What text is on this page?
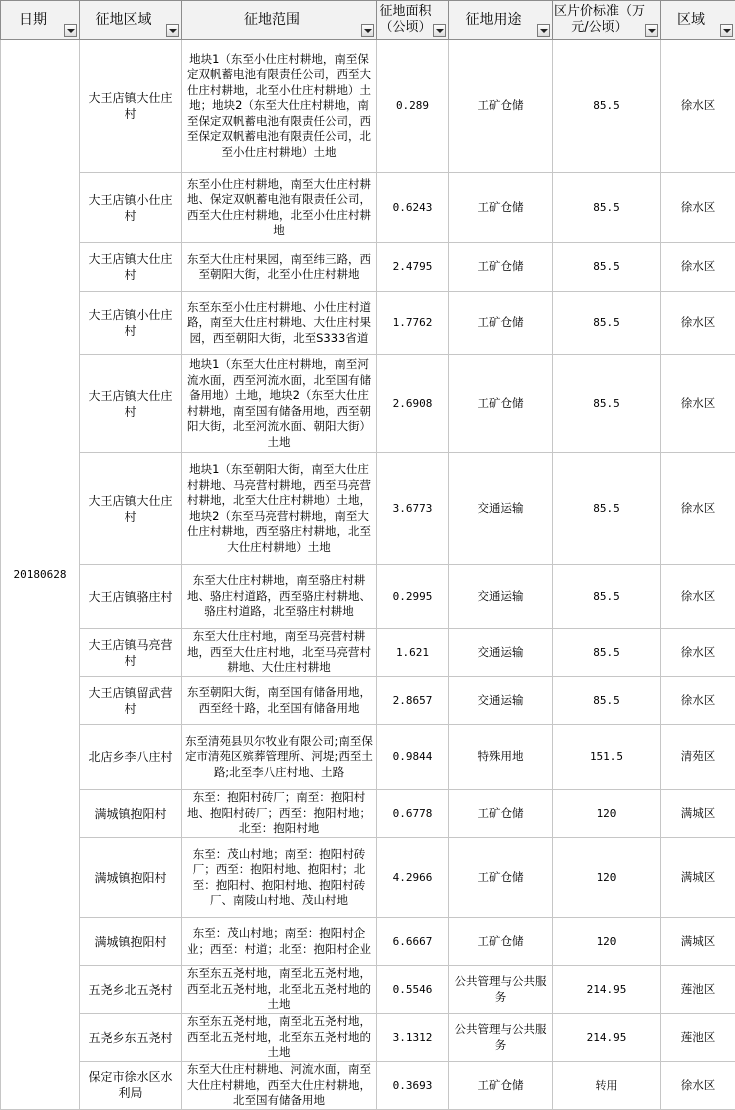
日期	征地区域	征地范围	征地面积（公顷）	征地用途	区片价标准（万元/公顷）	区域

20180628	大王店镇大仕庄村	地块1（东至小仕庄村耕地，南至保定双帆蓄电池有限责任公司，西至大仕庄村耕地，北至小仕庄村耕地）土地；地块2（东至大仕庄村耕地，南至保定双帆蓄电池有限责任公司，西至保定双帆蓄电池有限责任公司，北至小仕庄村耕地）土地	0.289	工矿仓储	85.5	徐水区
	大王店镇小仕庄村	东至小仕庄村耕地，南至大仕庄村耕地、保定双帆蓄电池有限责任公司，西至大仕庄村耕地，北至小仕庄村耕地	0.6243	工矿仓储	85.5	徐水区
	大王店镇大仕庄村	东至大仕庄村果园，南至纬三路，西至朝阳大街，北至小仕庄村耕地	2.4795	工矿仓储	85.5	徐水区
	大王店镇小仕庄村	东至东至小仕庄村耕地、小仕庄村道路，南至大仕庄村耕地、大仕庄村果园，西至朝阳大街，北至S333省道	1.7762	工矿仓储	85.5	徐水区
	大王店镇大仕庄村	地块1（东至大仕庄村耕地，南至河流水面，西至河流水面，北至国有储备用地）土地，地块2（东至大仕庄村耕地，南至国有储备用地，西至朝阳大街，北至河流水面、朝阳大街）土地	2.6908	工矿仓储	85.5	徐水区
	大王店镇大仕庄村	地块1（东至朝阳大街，南至大仕庄村耕地、马亮营村耕地，西至马亮营村耕地，北至大仕庄村耕地）土地，地块2（东至马亮营村耕地，南至大仕庄村耕地，西至骆庄村耕地，北至大仕庄村耕地）土地	3.6773	交通运输	85.5	徐水区
	大王店镇骆庄村	东至大仕庄村耕地，南至骆庄村耕地、骆庄村道路，西至骆庄村耕地、骆庄村道路，北至骆庄村耕地	0.2995	交通运输	85.5	徐水区
	大王店镇马亮营村	东至大仕庄村地，南至马亮营村耕地，西至大仕庄村地，北至马亮营村耕地、大仕庄村耕地	1.621	交通运输	85.5	徐水区
	大王店镇留武营村	东至朝阳大街，南至国有储备用地，西至经十路，北至国有储备用地	2.8657	交通运输	85.5	徐水区
	北店乡李八庄村	东至清苑县贝尔牧业有限公司;南至保定市清苑区殡葬管理所、河堤;西至土路;北至李八庄村地、土路	0.9844	特殊用地	151.5	清苑区
	满城镇抱阳村	东至：抱阳村砖厂；南至：抱阳村地、抱阳村砖厂；西至：抱阳村地；北至：抱阳村地	0.6778	工矿仓储	120	满城区
	满城镇抱阳村	东至：茂山村地；南至：抱阳村砖厂；西至：抱阳村地、抱阳村；北至：抱阳村、抱阳村地、抱阳村砖厂、南陵山村地、茂山村地	4.2966	工矿仓储	120	满城区
	满城镇抱阳村	东至：茂山村地；南至：抱阳村企业；西至：村道；北至：抱阳村企业	6.6667	工矿仓储	120	满城区
	五尧乡北五尧村	东至东五尧村地，南至北五尧村地，西至北五尧村地，北至北五尧村地的土地	0.5546	公共管理与公共服务	214.95	莲池区
	五尧乡东五尧村	东至东五尧村地，南至北五尧村地，西至北五尧村地，北至东五尧村地的土地	3.1312	公共管理与公共服务	214.95	莲池区
	保定市徐水区水利局	东至大仕庄村耕地、河流水面，南至大仕庄村耕地，西至大仕庄村耕地，北至国有储备用地	0.3693	工矿仓储	转用	徐水区
